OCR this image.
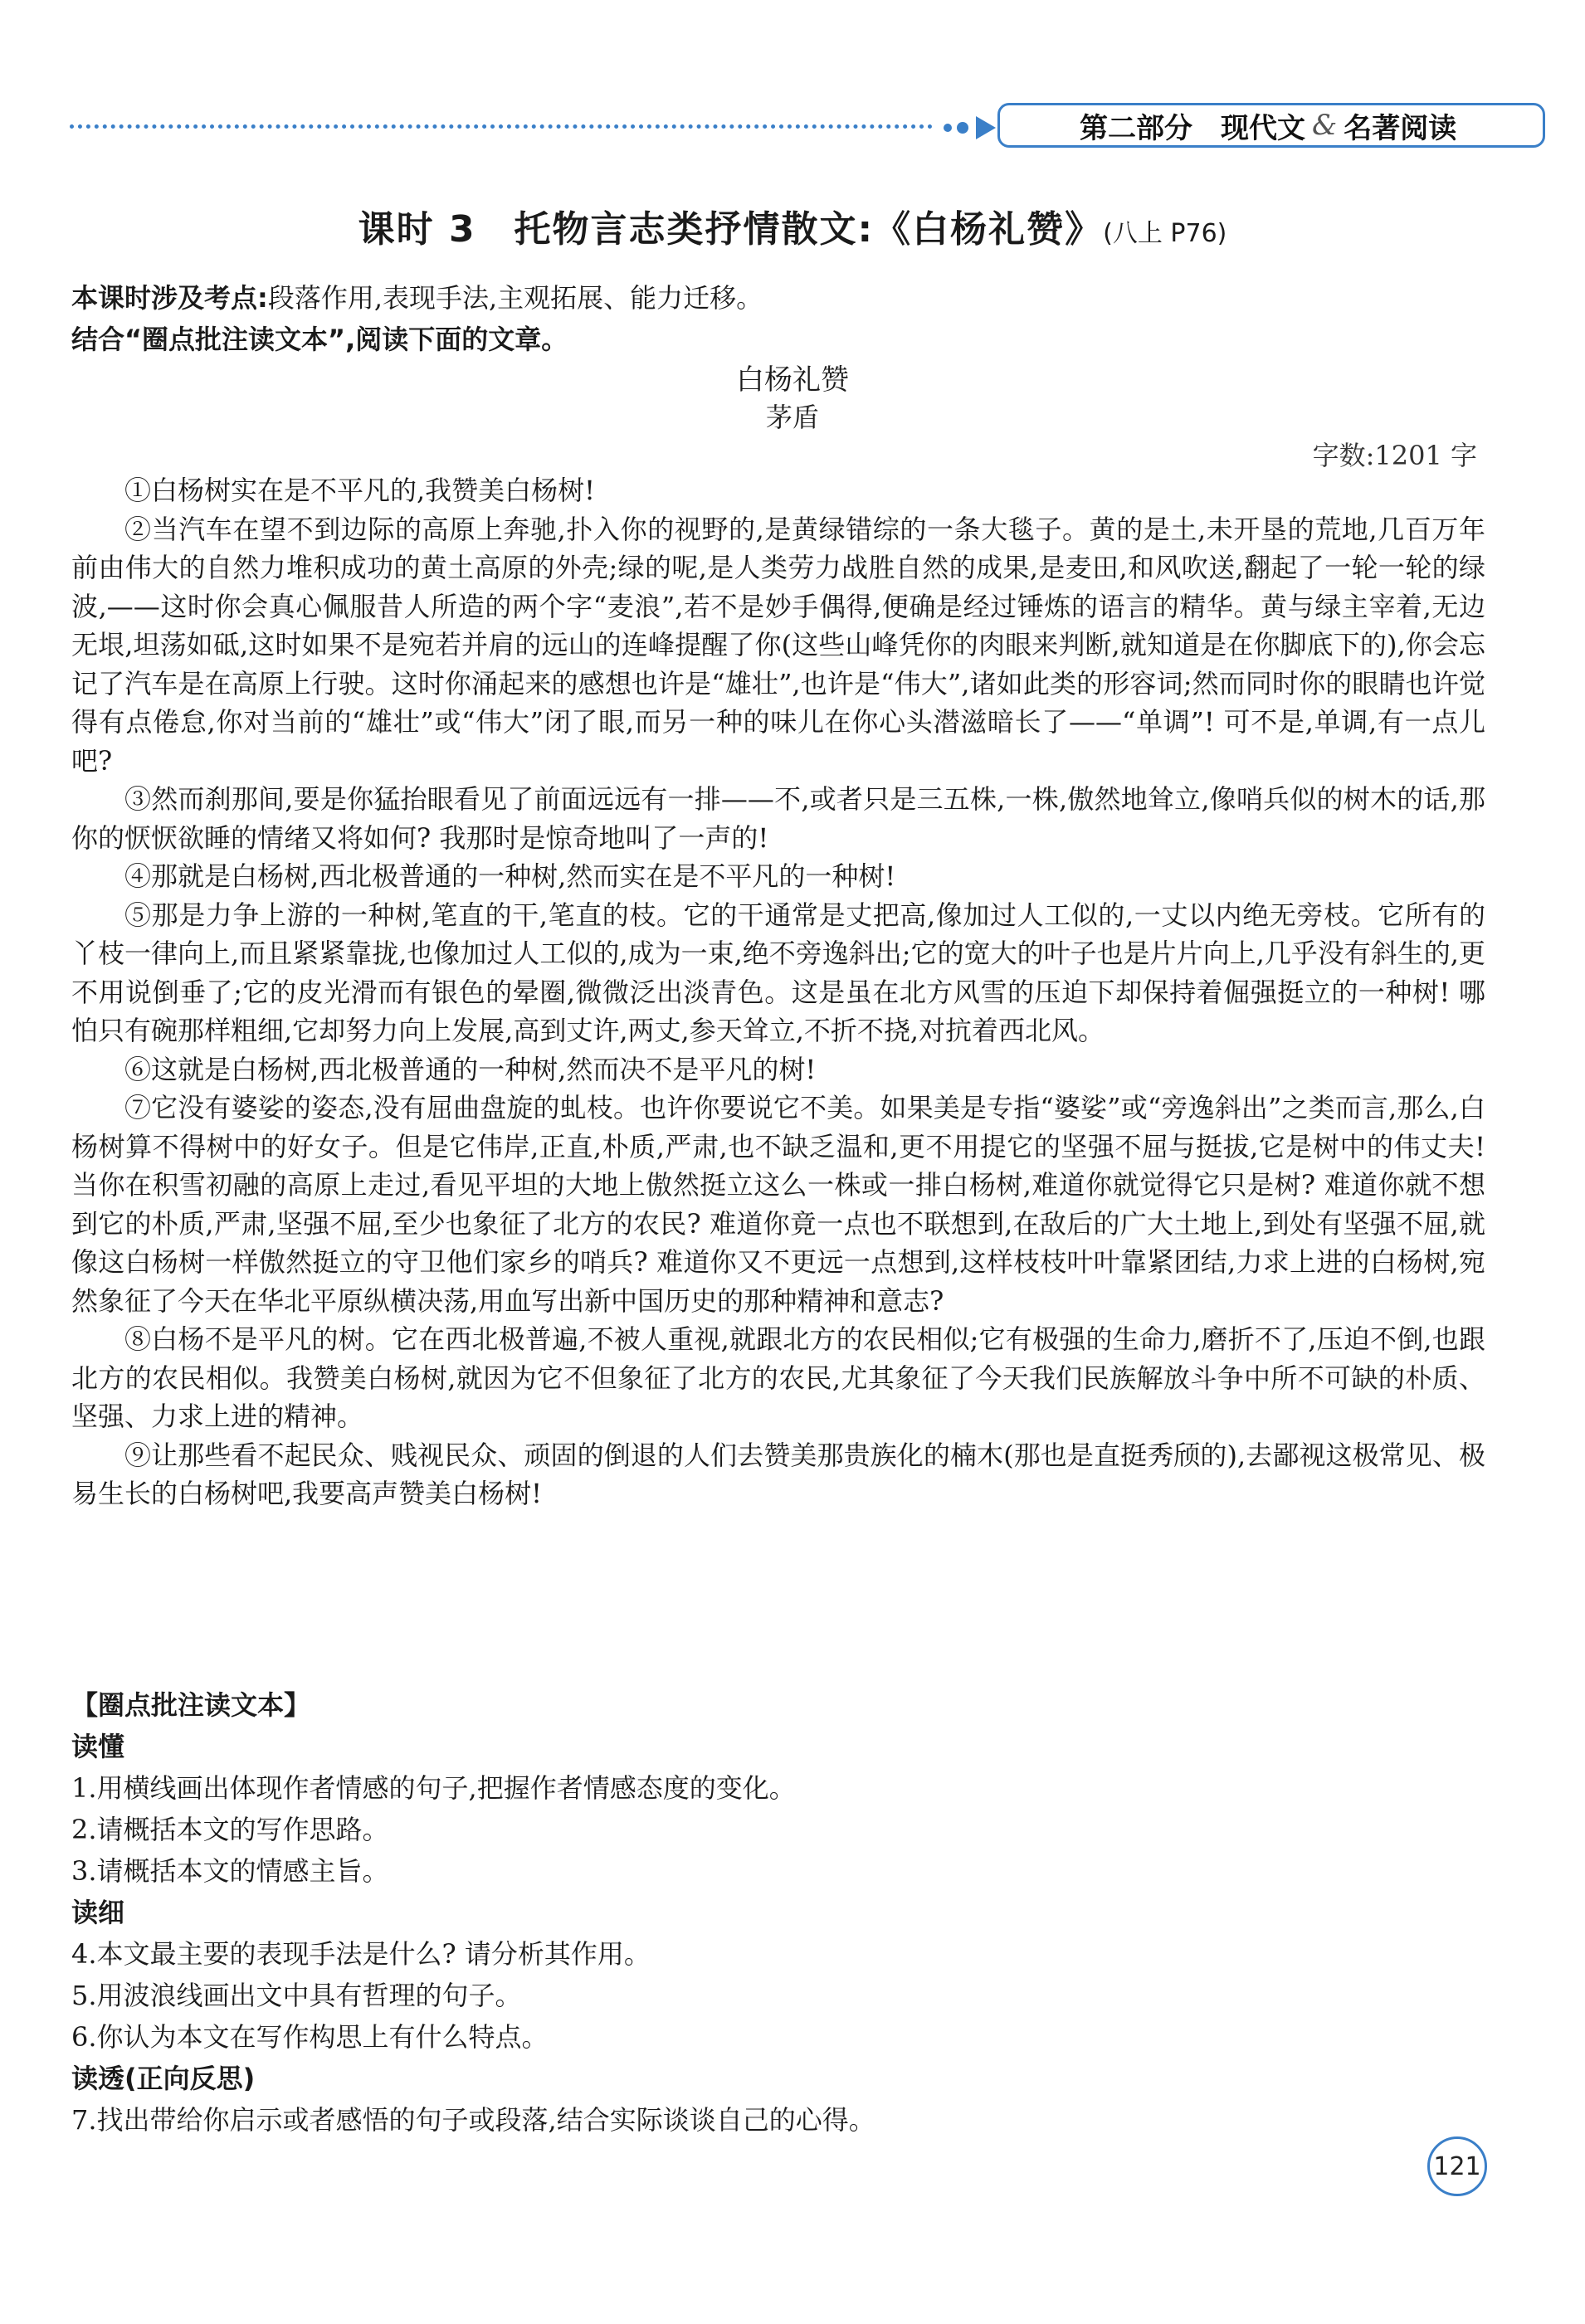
第二部分　现代文 & 名著阅读
课时 3　托物言志类抒情散文:《白杨礼赞》(八上 P76)
本课时涉及考点:段落作用,表现手法,主观拓展、能力迁移。
结合“圈点批注读文本”,阅读下面的文章。
白杨礼赞
茅盾
字数:1201 字

①白杨树实在是不平凡的,我赞美白杨树!

②当汽车在望不到边际的高原上奔驰,扑入你的视野的,是黄绿错综的一条大毯子。黄的是土,未开垦的荒地,几百万年前由伟大的自然力堆积成功的黄土高原的外壳;绿的呢,是人类劳力战胜自然的成果,是麦田,和风吹送,翻起了一轮一轮的绿波,——这时你会真心佩服昔人所造的两个字“麦浪”,若不是妙手偶得,便确是经过锤炼的语言的精华。黄与绿主宰着,无边无垠,坦荡如砥,这时如果不是宛若并肩的远山的连峰提醒了你(这些山峰凭你的肉眼来判断,就知道是在你脚底下的),你会忘记了汽车是在高原上行驶。这时你涌起来的感想也许是“雄壮”,也许是“伟大”,诸如此类的形容词;然而同时你的眼睛也许觉得有点倦怠,你对当前的“雄壮”或“伟大”闭了眼,而另一种的味儿在你心头潜滋暗长了——“单调”! 可不是,单调,有一点儿吧?

③然而刹那间,要是你猛抬眼看见了前面远远有一排——不,或者只是三五株,一株,傲然地耸立,像哨兵似的树木的话,那你的恹恹欲睡的情绪又将如何? 我那时是惊奇地叫了一声的!

④那就是白杨树,西北极普通的一种树,然而实在是不平凡的一种树!

⑤那是力争上游的一种树,笔直的干,笔直的枝。它的干通常是丈把高,像加过人工似的,一丈以内绝无旁枝。它所有的丫枝一律向上,而且紧紧靠拢,也像加过人工似的,成为一束,绝不旁逸斜出;它的宽大的叶子也是片片向上,几乎没有斜生的,更不用说倒垂了;它的皮光滑而有银色的晕圈,微微泛出淡青色。这是虽在北方风雪的压迫下却保持着倔强挺立的一种树! 哪怕只有碗那样粗细,它却努力向上发展,高到丈许,两丈,参天耸立,不折不挠,对抗着西北风。

⑥这就是白杨树,西北极普通的一种树,然而决不是平凡的树!

⑦它没有婆娑的姿态,没有屈曲盘旋的虬枝。也许你要说它不美。如果美是专指“婆娑”或“旁逸斜出”之类而言,那么,白杨树算不得树中的好女子。但是它伟岸,正直,朴质,严肃,也不缺乏温和,更不用提它的坚强不屈与挺拔,它是树中的伟丈夫! 当你在积雪初融的高原上走过,看见平坦的大地上傲然挺立这么一株或一排白杨树,难道你就觉得它只是树? 难道你就不想到它的朴质,严肃,坚强不屈,至少也象征了北方的农民? 难道你竟一点也不联想到,在敌后的广大土地上,到处有坚强不屈,就像这白杨树一样傲然挺立的守卫他们家乡的哨兵? 难道你又不更远一点想到,这样枝枝叶叶靠紧团结,力求上进的白杨树,宛然象征了今天在华北平原纵横决荡,用血写出新中国历史的那种精神和意志?

⑧白杨不是平凡的树。它在西北极普遍,不被人重视,就跟北方的农民相似;它有极强的生命力,磨折不了,压迫不倒,也跟北方的农民相似。我赞美白杨树,就因为它不但象征了北方的农民,尤其象征了今天我们民族解放斗争中所不可缺的朴质、坚强、力求上进的精神。

⑨让那些看不起民众、贱视民众、顽固的倒退的人们去赞美那贵族化的楠木(那也是直挺秀颀的),去鄙视这极常见、极易生长的白杨树吧,我要高声赞美白杨树!

【圈点批注读文本】

读懂

1.用横线画出体现作者情感的句子,把握作者情感态度的变化。

2.请概括本文的写作思路。

3.请概括本文的情感主旨。

读细

4.本文最主要的表现手法是什么? 请分析其作用。

5.用波浪线画出文中具有哲理的句子。

6.你认为本文在写作构思上有什么特点。

读透(正向反思)

7.找出带给你启示或者感悟的句子或段落,结合实际谈谈自己的心得。

121
